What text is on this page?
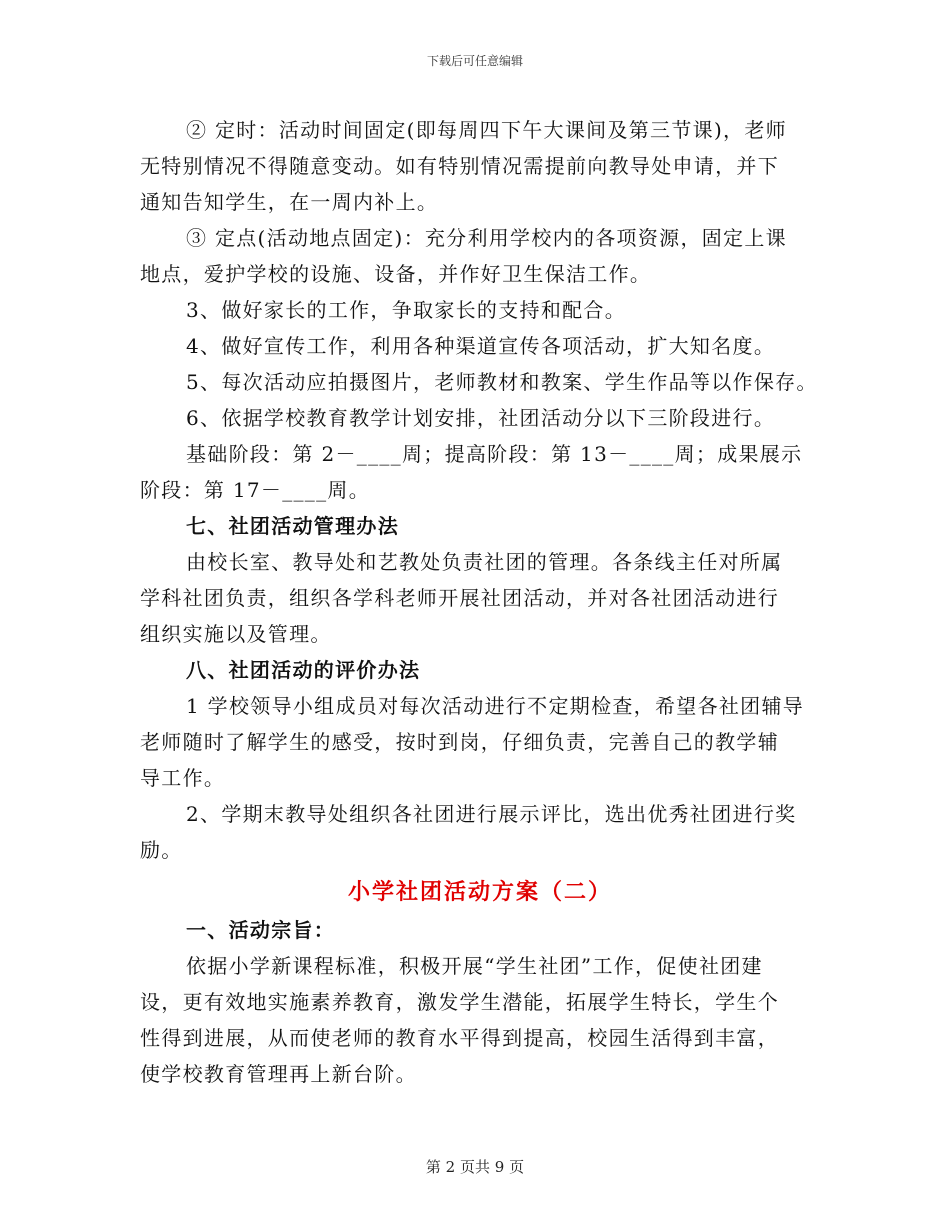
下载后可任意编辑

② 定时：活动时间固定(即每周四下午大课间及第三节课)，老师

无特别情况不得随意变动。如有特别情况需提前向教导处申请，并下

通知告知学生，在一周内补上。

③ 定点(活动地点固定)：充分利用学校内的各项资源，固定上课

地点，爱护学校的设施、设备，并作好卫生保洁工作。

3、做好家长的工作，争取家长的支持和配合。

4、做好宣传工作，利用各种渠道宣传各项活动，扩大知名度。

5、每次活动应拍摄图片，老师教材和教案、学生作品等以作保存。

6、依据学校教育教学计划安排，社团活动分以下三阶段进行。

基础阶段：第 2－____周；提高阶段：第 13－____周；成果展示

阶段：第 17－____周。

七、社团活动管理办法

由校长室、教导处和艺教处负责社团的管理。各条线主任对所属

学科社团负责，组织各学科老师开展社团活动，并对各社团活动进行

组织实施以及管理。

八、社团活动的评价办法

1 学校领导小组成员对每次活动进行不定期检查，希望各社团辅导

老师随时了解学生的感受，按时到岗，仔细负责，完善自己的教学辅

导工作。

2、学期末教导处组织各社团进行展示评比，选出优秀社团进行奖

励。

小学社团活动方案（二）

一、活动宗旨：

依据小学新课程标准，积极开展“学生社团”工作，促使社团建

设，更有效地实施素养教育，激发学生潜能，拓展学生特长，学生个

性得到进展，从而使老师的教育水平得到提高，校园生活得到丰富，

使学校教育管理再上新台阶。

第 2 页共 9 页
